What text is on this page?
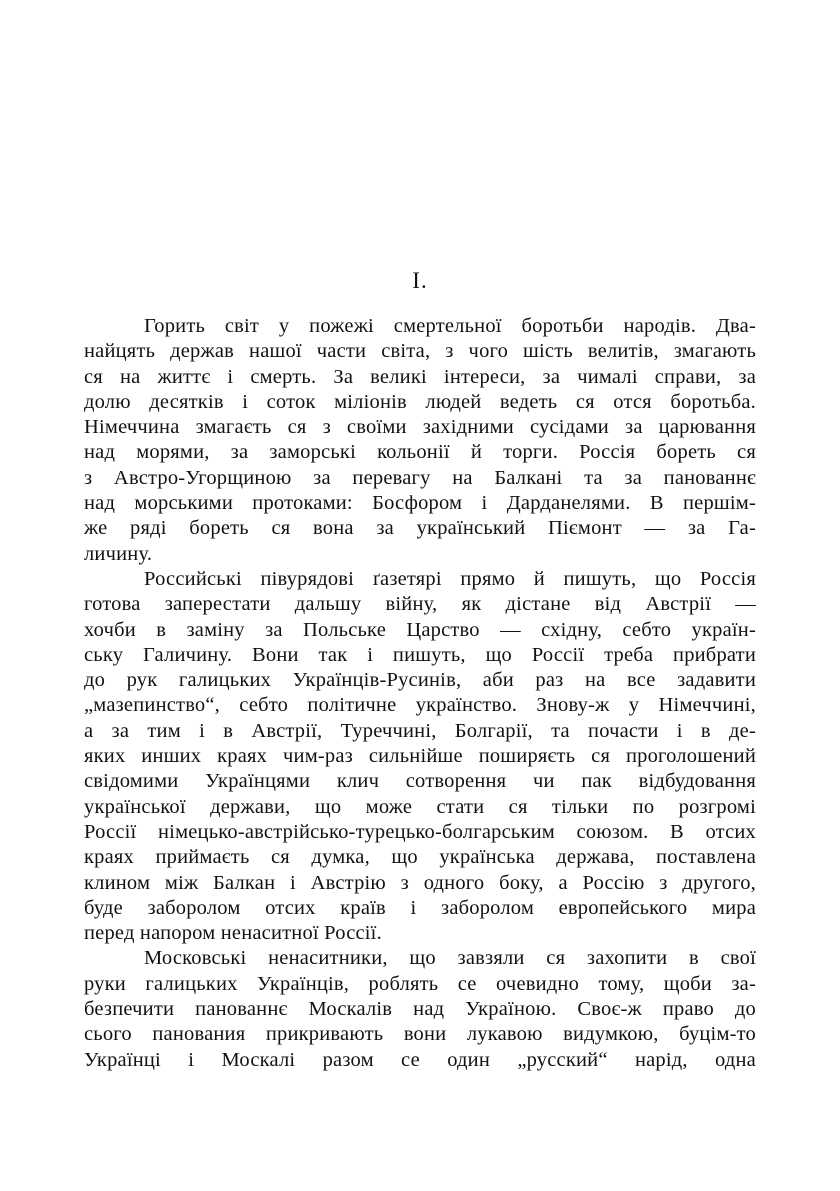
I.
Горить світ у пожежі смертельної боротьби народів. Два-
найцять держав нашої части світа, з чого шість велитів, змагають
ся на життє і смерть. За великі інтереси, за чималі справи, за
долю десятків і соток міліонів людей ведеть ся отся боротьба.
Німеччина змагаєть ся з своїми західними сусідами за царювання
над морями, за заморські кольонії й торги. Россія бореть ся
з Австро-Угорщиною за перевагу на Балкані та за панованнє
над морськими протоками: Босфором і Дарданелями. В першім-
же ряді бореть ся вона за український Піємонт — за Га-
личину.
Российські півурядові ґазетярі прямо й пишуть, що Россія
готова заперестати дальшу війну, як дістане від Австрії —
хочби в заміну за Польське Царство — східну, себто україн-
ську Галичину. Вони так і пишуть, що Россії треба прибрати
до рук галицьких Українців-Русинів, аби раз на все задавити
„мазепинство“, себто політичне українство. Знову-ж у Німеччині,
а за тим і в Австрії, Туреччині, Болгарії, та почасти і в де-
яких инших краях чим-раз сильнійше поширяєть ся проголошений
свідомими Українцями клич сотворення чи пак відбудовання
української держави, що може стати ся тільки по розгромі
Россії німецько-австрійсько-турецько-болгарським союзом. В отсих
краях приймаєть ся думка, що українська держава, поставлена
клином між Балкан і Австрію з одного боку, а Россію з другого,
буде заборолом отсих країв і заборолом европейського мира
перед напором ненаситної Россії.
Московські ненаситники, що завзяли ся захопити в свої
руки галицьких Українців, роблять се очевидно тому, щоби за-
безпечити панованнє Москалів над Україною. Своє-ж право до
сього панования прикривають вони лукавою видумкою, буцім-то
Українці і Москалі разом се один „русский“ нарід, одна
